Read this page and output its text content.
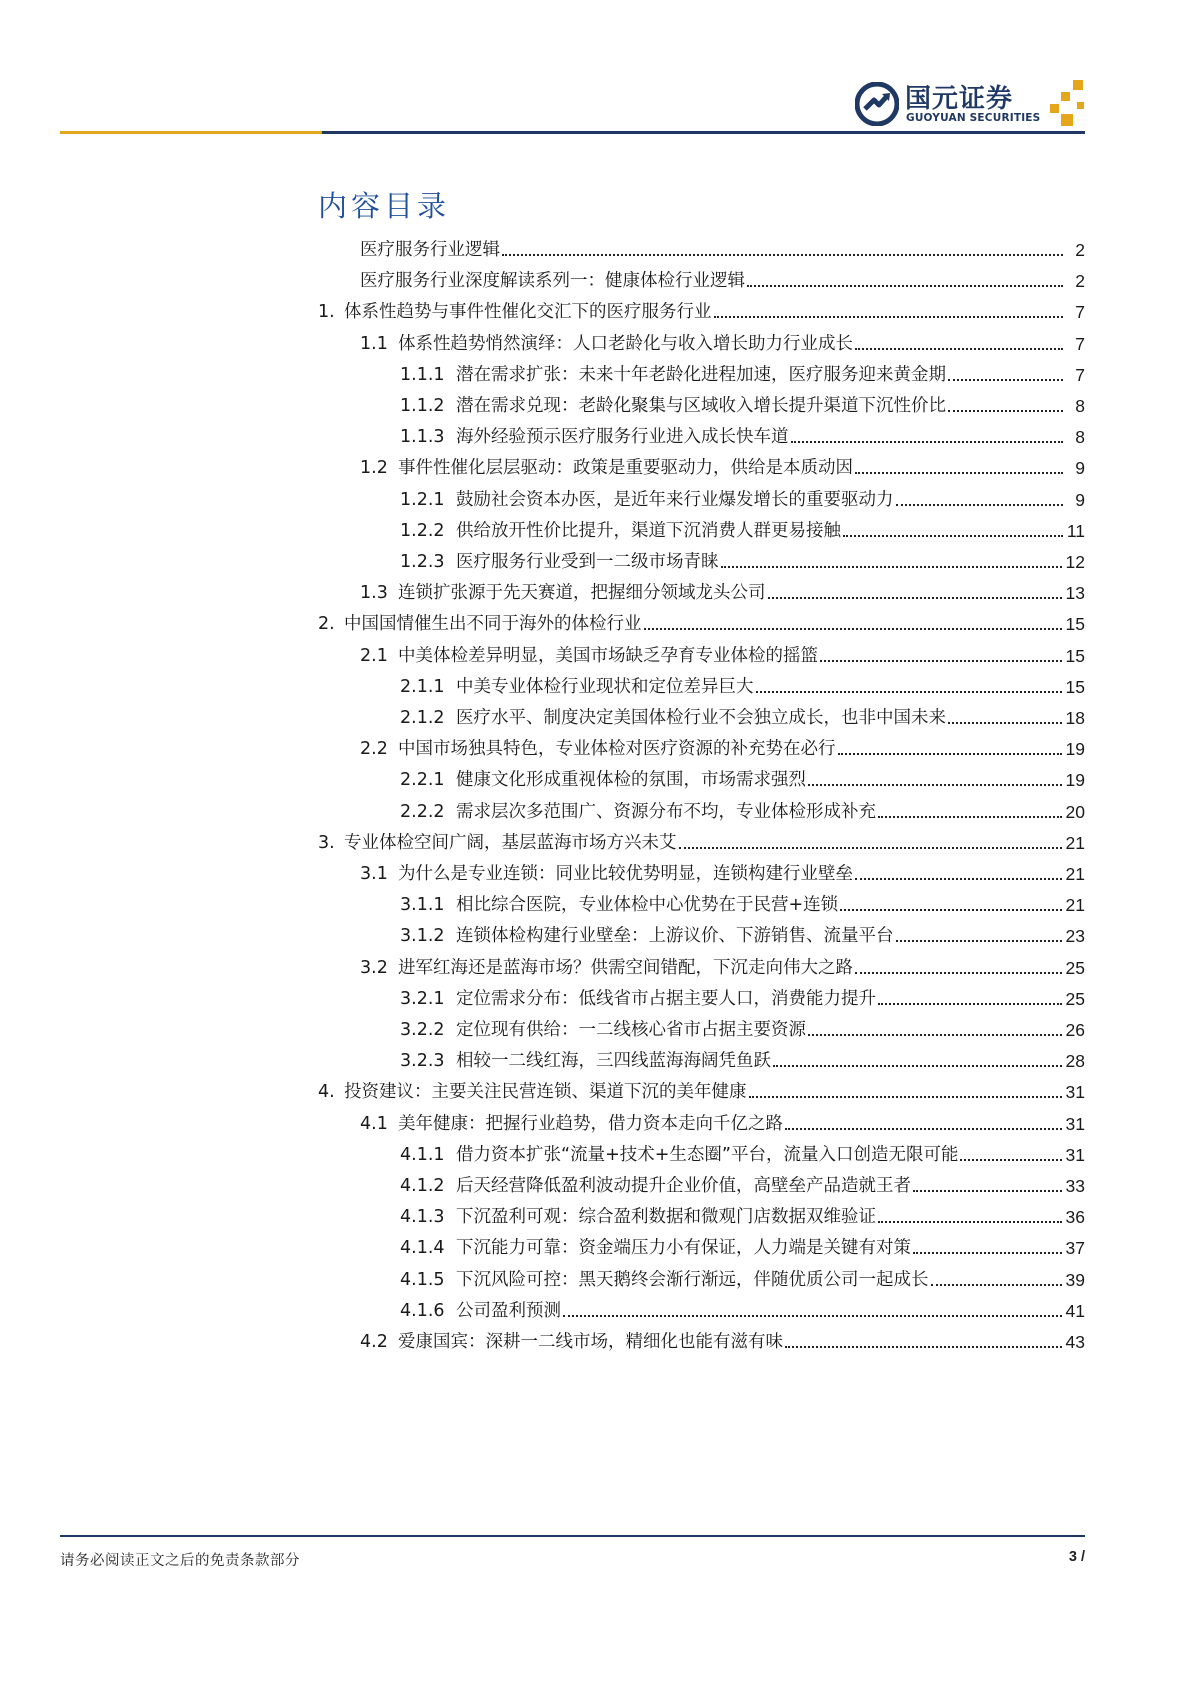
国元证券
GUOYUAN SECURITIES
内容目录
医疗服务行业逻辑	2
医疗服务行业深度解读系列一：健康体检行业逻辑	2
1. 体系性趋势与事件性催化交汇下的医疗服务行业	7
1.1 体系性趋势悄然演绎：人口老龄化与收入增长助力行业成长	7
1.1.1 潜在需求扩张：未来十年老龄化进程加速，医疗服务迎来黄金期	7
1.1.2 潜在需求兑现：老龄化聚集与区域收入增长提升渠道下沉性价比	8
1.1.3 海外经验预示医疗服务行业进入成长快车道	8
1.2 事件性催化层层驱动：政策是重要驱动力，供给是本质动因	9
1.2.1 鼓励社会资本办医，是近年来行业爆发增长的重要驱动力	9
1.2.2 供给放开性价比提升，渠道下沉消费人群更易接触	11
1.2.3 医疗服务行业受到一二级市场青睐	12
1.3 连锁扩张源于先天赛道，把握细分领域龙头公司	13
2. 中国国情催生出不同于海外的体检行业	15
2.1 中美体检差异明显，美国市场缺乏孕育专业体检的摇篮	15
2.1.1 中美专业体检行业现状和定位差异巨大	15
2.1.2 医疗水平、制度决定美国体检行业不会独立成长，也非中国未来	18
2.2 中国市场独具特色，专业体检对医疗资源的补充势在必行	19
2.2.1 健康文化形成重视体检的氛围，市场需求强烈	19
2.2.2 需求层次多范围广、资源分布不均，专业体检形成补充	20
3. 专业体检空间广阔，基层蓝海市场方兴未艾	21
3.1 为什么是专业连锁：同业比较优势明显，连锁构建行业壁垒	21
3.1.1 相比综合医院，专业体检中心优势在于民营+连锁	21
3.1.2 连锁体检构建行业壁垒：上游议价、下游销售、流量平台	23
3.2 进军红海还是蓝海市场？供需空间错配，下沉走向伟大之路	25
3.2.1 定位需求分布：低线省市占据主要人口，消费能力提升	25
3.2.2 定位现有供给：一二线核心省市占据主要资源	26
3.2.3 相较一二线红海，三四线蓝海海阔凭鱼跃	28
4. 投资建议：主要关注民营连锁、渠道下沉的美年健康	31
4.1 美年健康：把握行业趋势，借力资本走向千亿之路	31
4.1.1 借力资本扩张“流量+技术+生态圈”平台，流量入口创造无限可能	31
4.1.2 后天经营降低盈利波动提升企业价值，高壁垒产品造就王者	33
4.1.3 下沉盈利可观：综合盈利数据和微观门店数据双维验证	36
4.1.4 下沉能力可靠：资金端压力小有保证，人力端是关键有对策	37
4.1.5 下沉风险可控：黑天鹅终会渐行渐远，伴随优质公司一起成长	39
4.1.6 公司盈利预测	41
4.2 爱康国宾：深耕一二线市场，精细化也能有滋有味	43
请务必阅读正文之后的免责条款部分	3 /
